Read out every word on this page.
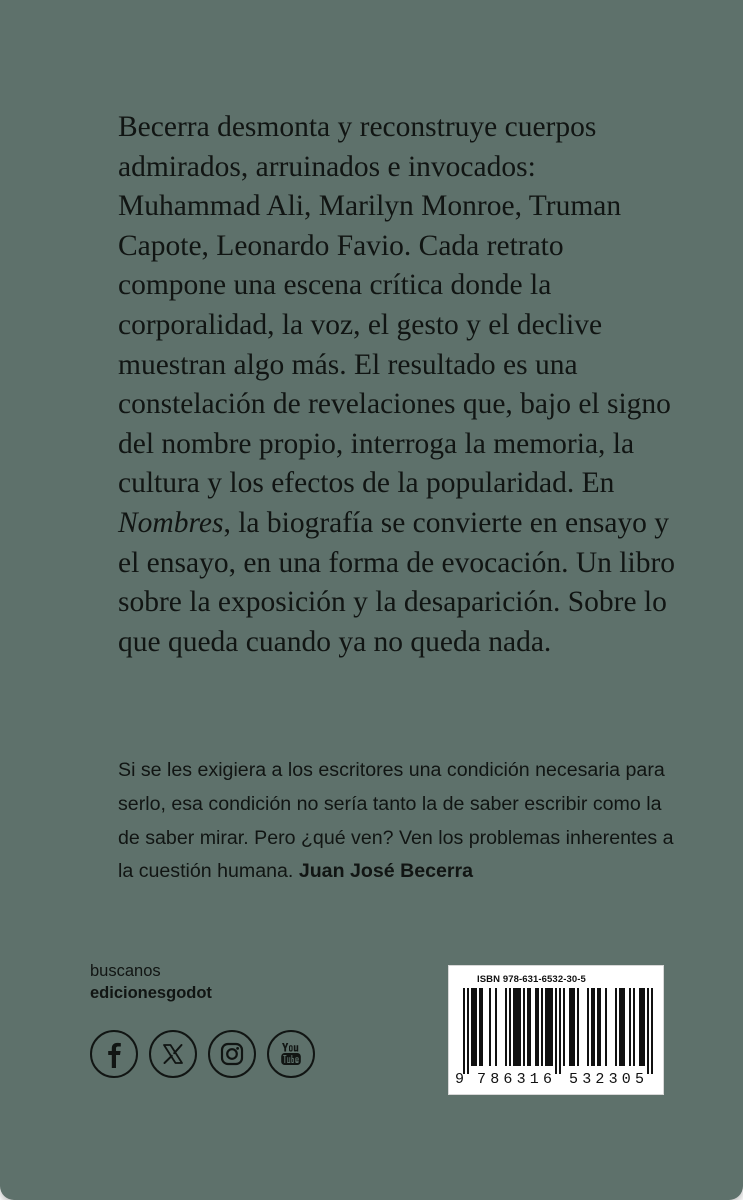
Becerra desmonta y reconstruye cuerpos admirados, arruinados e invocados: Muhammad Ali, Marilyn Monroe, Truman Capote, Leonardo Favio. Cada retrato compone una escena crítica donde la corporalidad, la voz, el gesto y el declive muestran algo más. El resultado es una constelación de revelaciones que, bajo el signo del nombre propio, interroga la memoria, la cultura y los efectos de la popularidad. En Nombres, la biografía se convierte en ensayo y el ensayo, en una forma de evocación. Un libro sobre la exposición y la desaparición. Sobre lo que queda cuando ya no queda nada.

Si se les exigiera a los escritores una condición necesaria para serlo, esa condición no sería tanto la de saber escribir como la de saber mirar. Pero ¿qué ven? Ven los problemas inherentes a la cuestión humana. Juan José Becerra

buscanos
edicionesgodot
ISBN 978-631-6532-30-5
9 786316 532305
